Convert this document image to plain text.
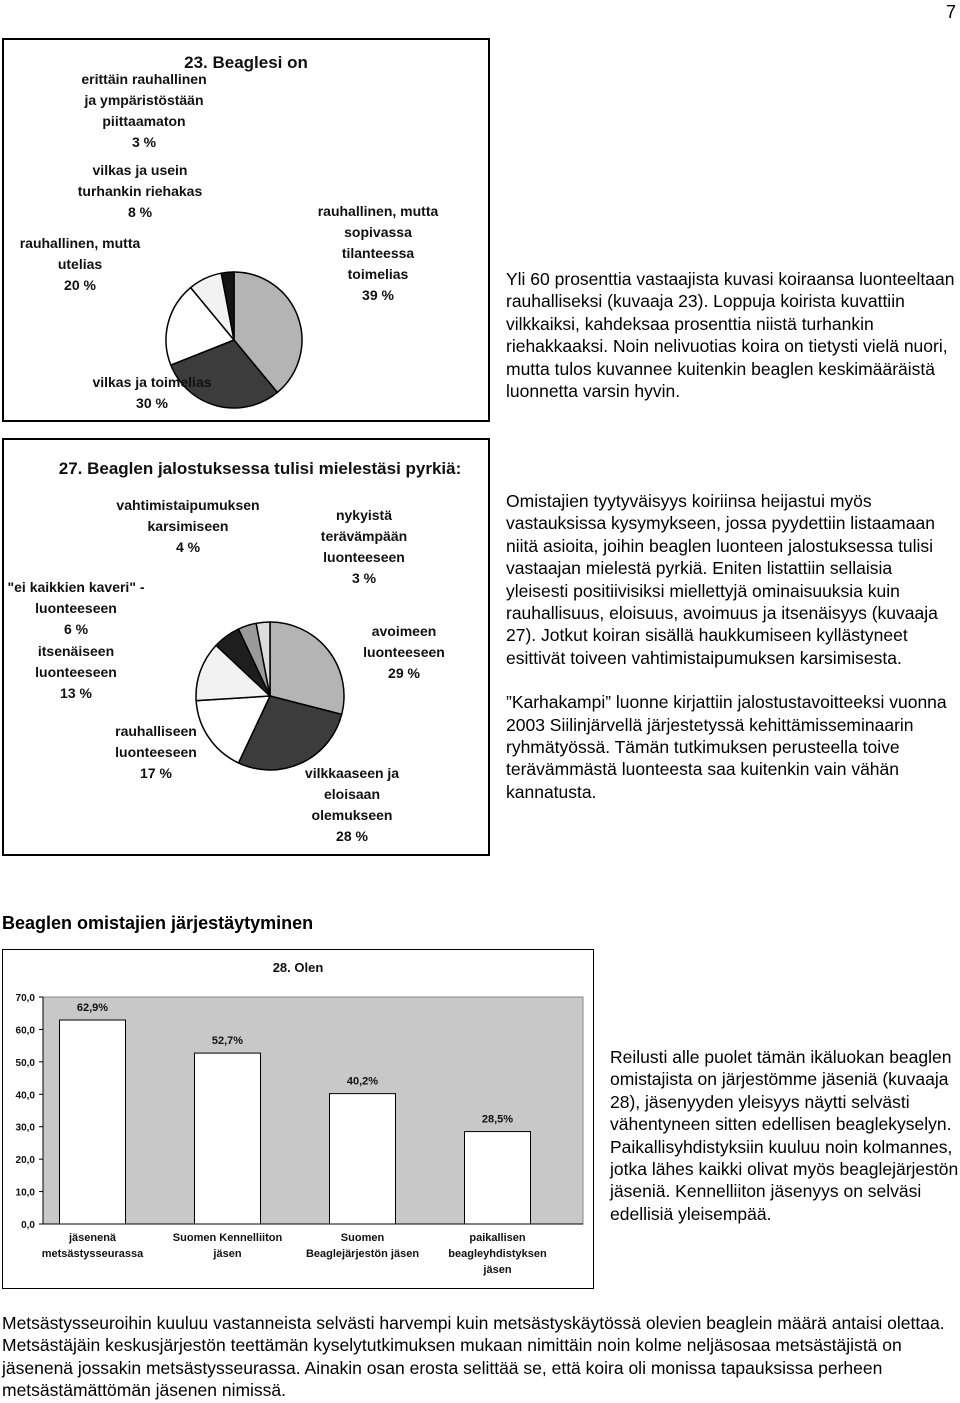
7
23. Beaglesi on
rauhallinen, mutta
sopivassa
tilanteessa
toimelias
39 %
vilkas ja toimelias
30 %
rauhallinen, mutta
utelias
20 %
vilkas ja usein
turhankin riehakas
8 %
erittäin rauhallinen
ja ympäristöstään
piittaamaton
3 %
Yli 60 prosenttia vastaajista kuvasi koiraansa luonteeltaan rauhalliseksi (kuvaaja 23). Loppuja koirista kuvattiin vilkkaiksi, kahdeksaa prosenttia niistä turhankin riehakkaaksi. Noin nelivuotias koira on tietysti vielä nuori, mutta tulos kuvannee kuitenkin beaglen keskimääräistä luonnetta varsin hyvin.
27. Beaglen jalostuksessa tulisi mielestäsi pyrkiä:
avoimeen
luonteeseen
29 %
vilkkaaseen ja
eloisaan
olemukseen
28 %
rauhalliseen
luonteeseen
17 %
itsenäiseen
luonteeseen
13 %
"ei kaikkien kaveri" -
luonteeseen
6 %
vahtimistaipumuksen
karsimiseen
4 %
nykyistä
terävämpään
luonteeseen
3 %

Omistajien tyytyväisyys koiriinsa heijastui myös vastauksissa kysymykseen, jossa pyydettiin listaamaan niitä asioita, joihin beaglen luonteen jalostuksessa tulisi vastaajan mielestä pyrkiä. Eniten listattiin sellaisia yleisesti positiivisiksi miellettyjä ominaisuuksia kuin rauhallisuus, eloisuus, avoimuus ja itsenäisyys (kuvaaja 27). Jotkut koiran sisällä haukkumiseen kyllästyneet esittivät toiveen vahtimistaipumuksen karsimisesta.

”Karhakampi” luonne kirjattiin jalostustavoitteeksi vuonna 2003 Siilinjärvellä järjestetyssä kehittämisseminaarin ryhmätyössä. Tämän tutkimuksen perusteella toive terävämmästä luonteesta saa kuitenkin vain vähän kannatusta.

Beaglen omistajien järjestäytyminen
28. Olen
0,0
10,0
20,0
30,0
40,0
50,0
60,0
70,0
62,9%
jäsenenä
metsästysseurassa
52,7%
Suomen Kennelliiton
jäsen
40,2%
Suomen
Beaglejärjestön jäsen
28,5%
paikallisen
beagleyhdistyksen
jäsen
Reilusti alle puolet tämän ikäluokan beaglen omistajista on järjestömme jäseniä (kuvaaja 28), jäsenyyden yleisyys näytti selvästi vähentyneen sitten edellisen beaglekyselyn. Paikallisyhdistyksiin kuuluu noin kolmannes, jotka lähes kaikki olivat myös beaglejärjestön jäseniä. Kennelliiton jäsenyys on selväsi edellisiä yleisempää.
Metsästysseuroihin kuuluu vastanneista selvästi harvempi kuin metsästyskäytössä olevien beaglein määrä antaisi olettaa. Metsästäjäin keskusjärjestön teettämän kyselytutkimuksen mukaan nimittäin noin kolme neljäsosaa metsästäjistä on jäsenenä jossakin metsästysseurassa. Ainakin osan erosta selittää se, että koira oli monissa tapauksissa perheen metsästämättömän jäsenen nimissä.
